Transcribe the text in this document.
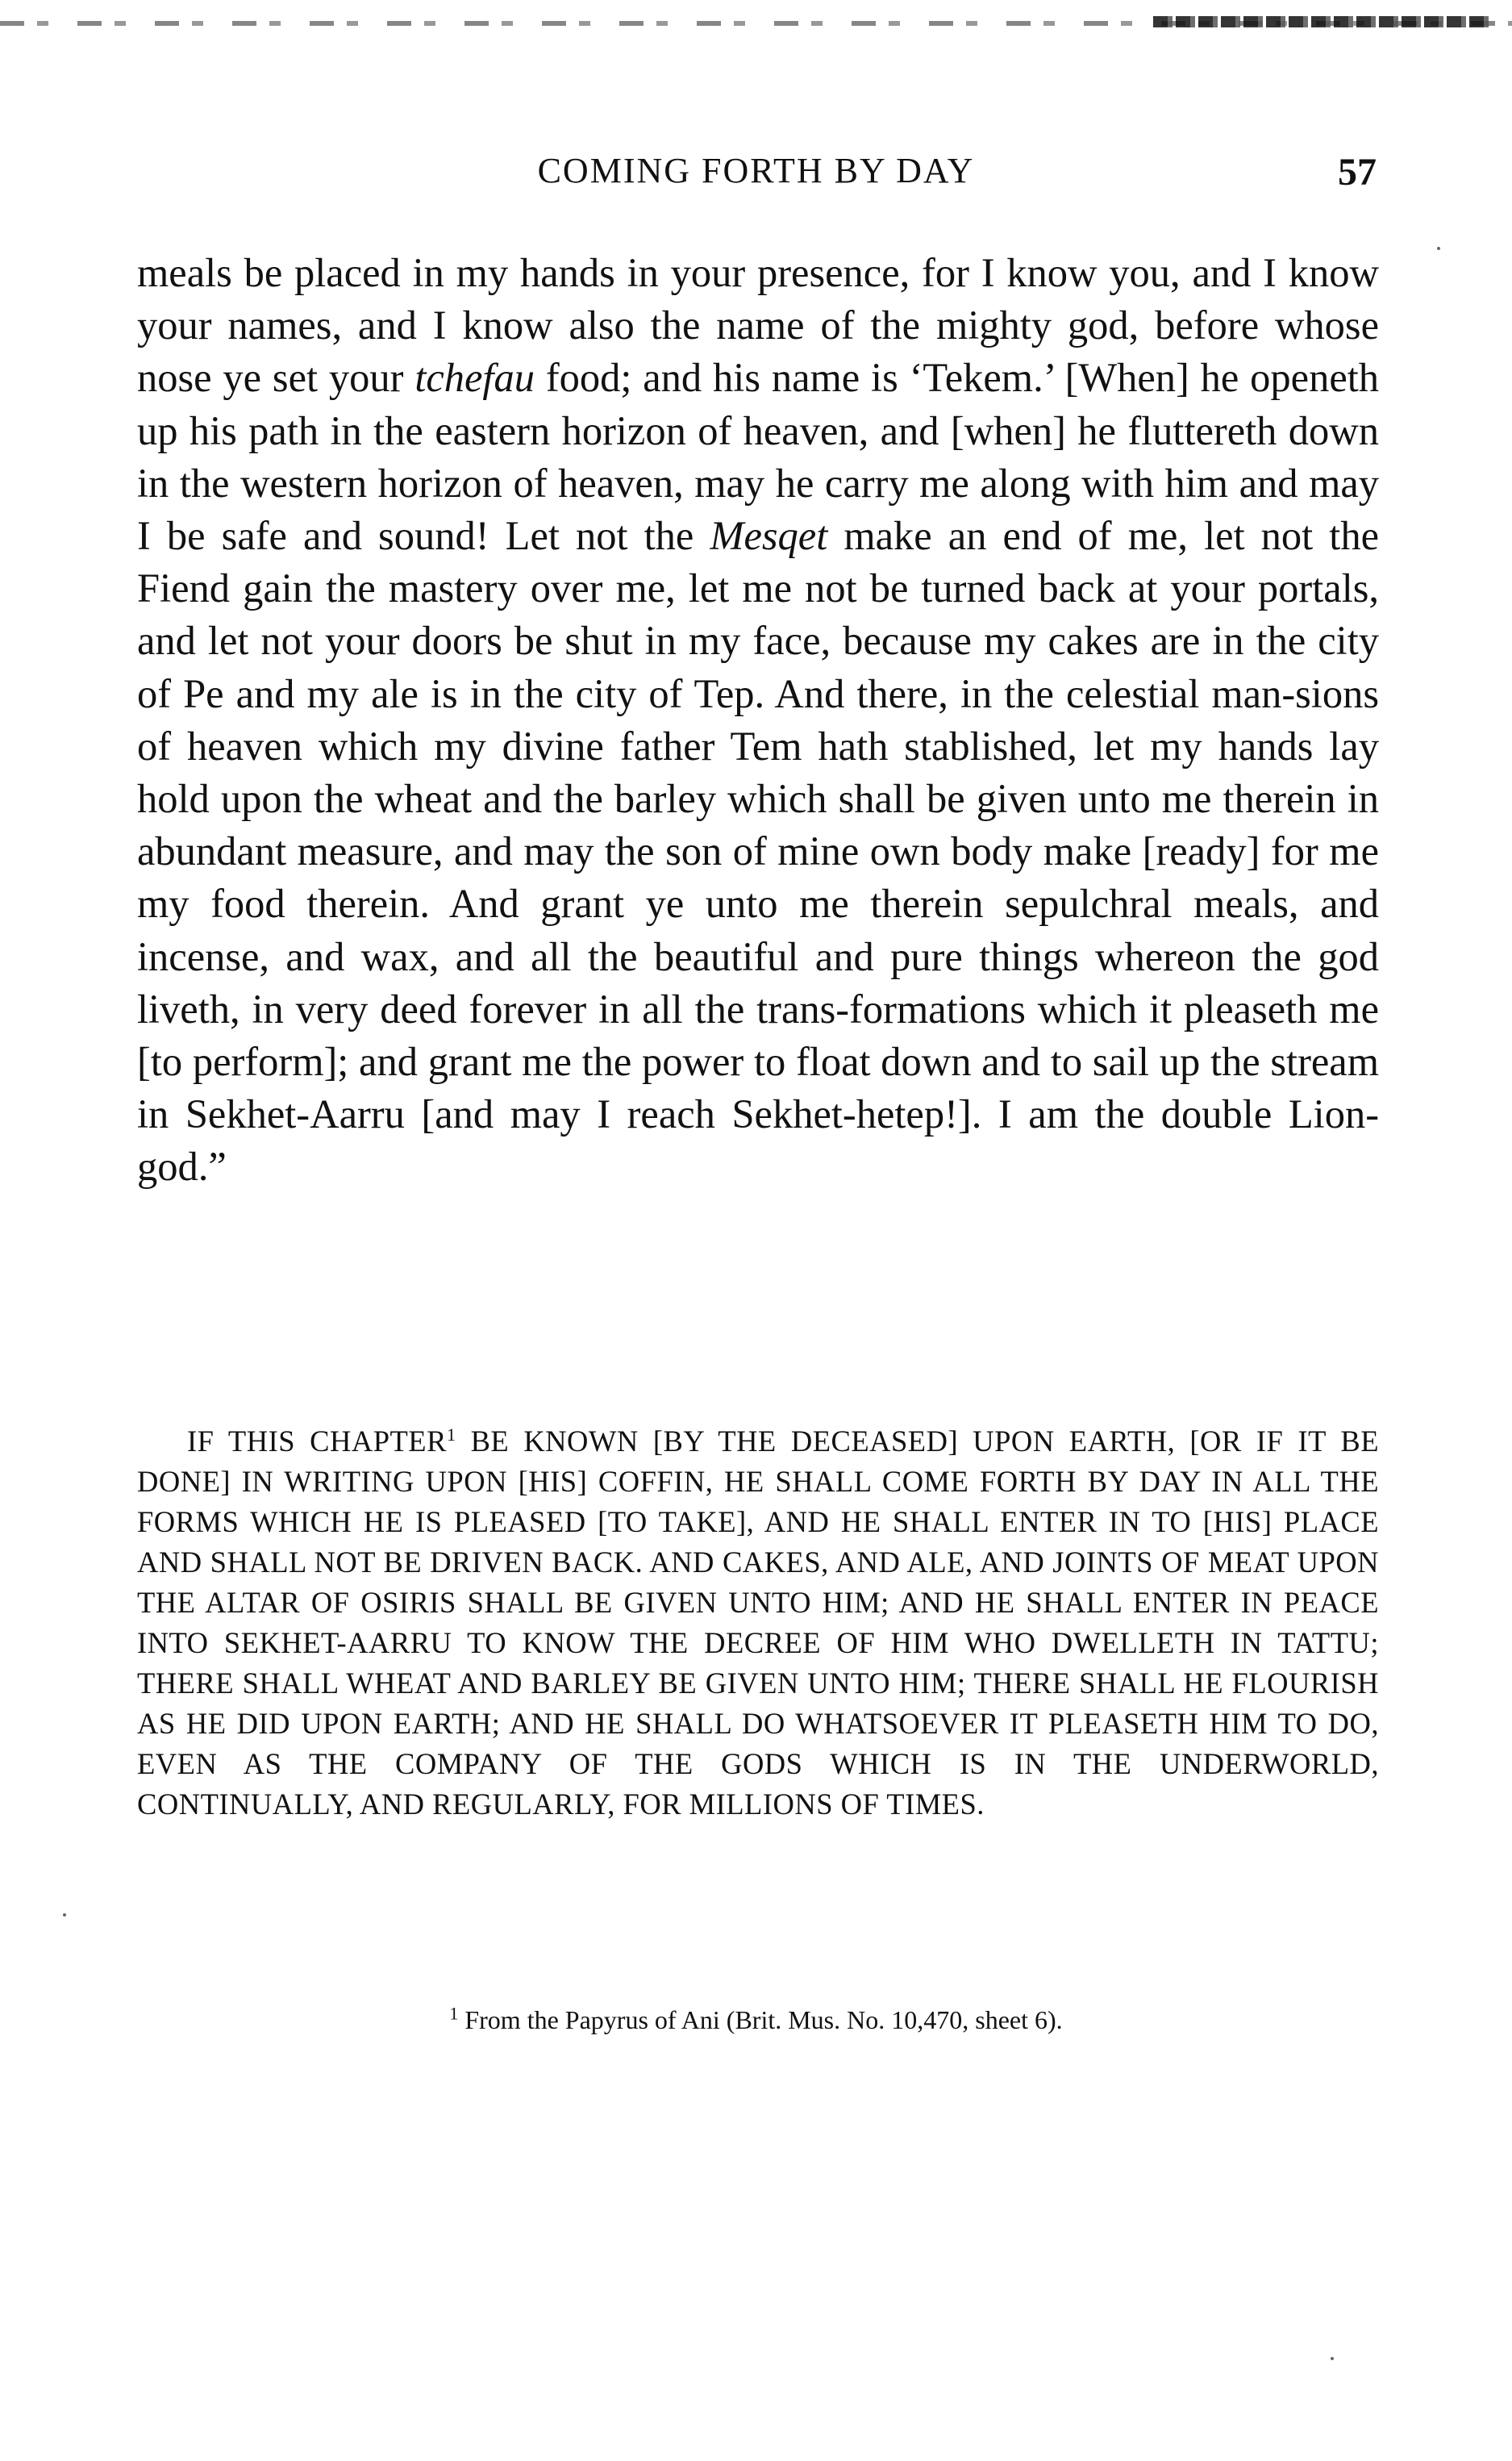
COMING FORTH BY DAY	57

meals be placed in my hands in your presence, for I know you, and I know your names, and I know also the name of the mighty god, before whose nose ye set your tchefau food; and his name is ‘Tekem.’ [When] he openeth up his path in the eastern horizon of heaven, and [when] he fluttereth down in the western horizon of heaven, may he carry me along with him and may I be safe and sound! Let not the Mesqet make an end of me, let not the Fiend gain the mastery over me, let me not be turned back at your portals, and let not your doors be shut in my face, because my cakes are in the city of Pe and my ale is in the city of Tep. And there, in the celestial man-sions of heaven which my divine father Tem hath stablished, let my hands lay hold upon the wheat and the barley which shall be given unto me therein in abundant measure, and may the son of mine own body make [ready] for me my food therein. And grant ye unto me therein sepulchral meals, and incense, and wax, and all the beautiful and pure things whereon the god liveth, in very deed forever in all the trans-formations which it pleaseth me [to perform]; and grant me the power to float down and to sail up the stream in Sekhet-Aarru [and may I reach Sekhet-hetep!]. I am the double Lion-god.”

IF THIS CHAPTER$^1$ BE KNOWN [BY THE DECEASED] UPON EARTH, [OR IF IT BE DONE] IN WRITING UPON [HIS] COFFIN, HE SHALL COME FORTH BY DAY IN ALL THE FORMS WHICH HE IS PLEASED [TO TAKE], AND HE SHALL ENTER IN TO [HIS] PLACE AND SHALL NOT BE DRIVEN BACK. AND CAKES, AND ALE, AND JOINTS OF MEAT UPON THE ALTAR OF OSIRIS SHALL BE GIVEN UNTO HIM; AND HE SHALL ENTER IN PEACE INTO SEKHET-AARRU TO KNOW THE DECREE OF HIM WHO DWELLETH IN TATTU; THERE SHALL WHEAT AND BARLEY BE GIVEN UNTO HIM; THERE SHALL HE FLOURISH AS HE DID UPON EARTH; AND HE SHALL DO WHATSOEVER IT PLEASETH HIM TO DO, EVEN AS THE COMPANY OF THE GODS WHICH IS IN THE UNDERWORLD, CONTINUALLY, AND REGULARLY, FOR MILLIONS OF TIMES.

$^1$ From the Papyrus of Ani (Brit. Mus. No. 10,470, sheet 6).
